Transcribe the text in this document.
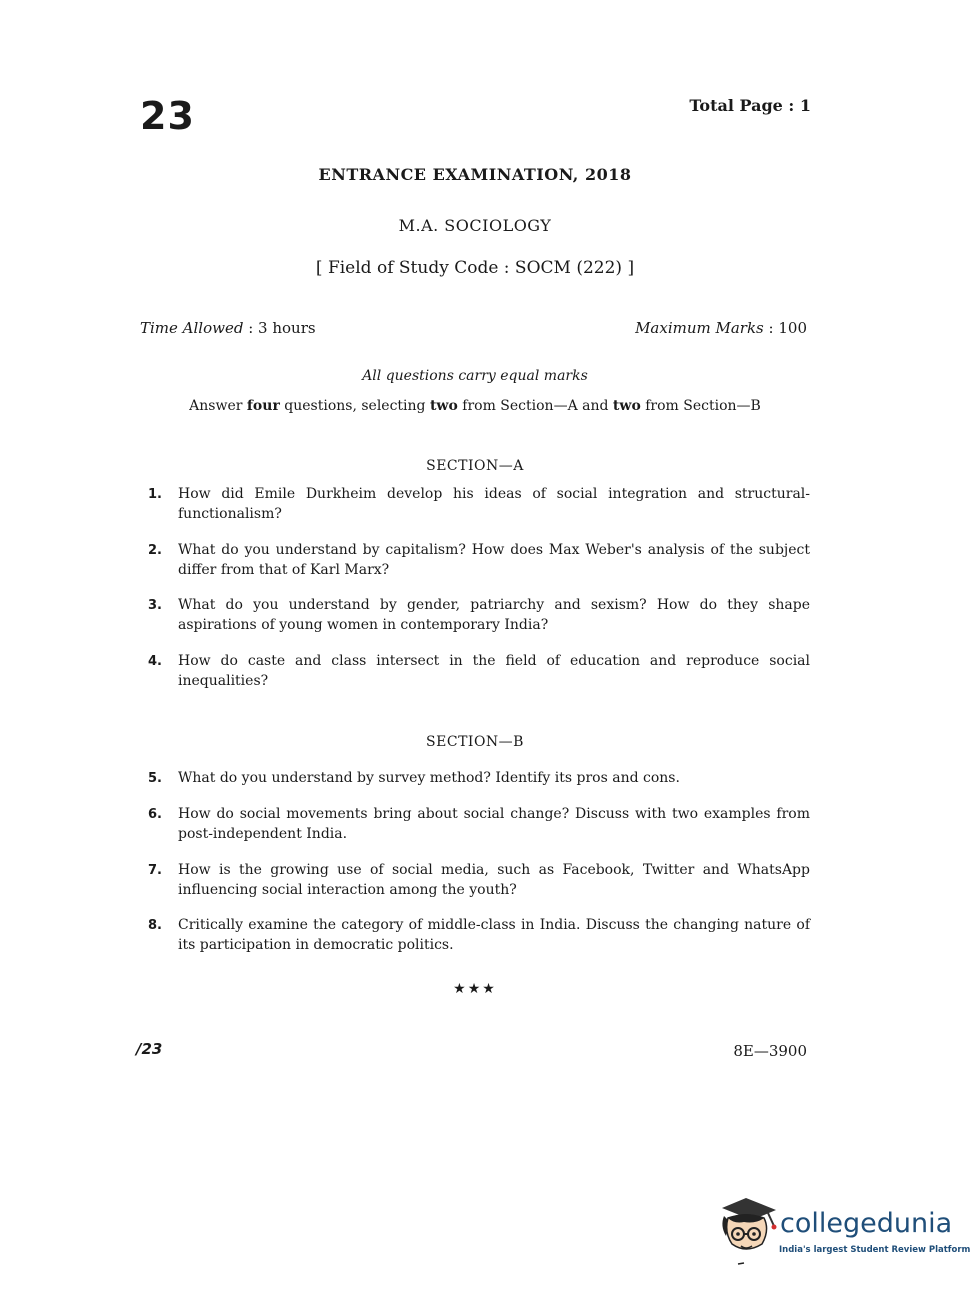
23	Total Page : 1
ENTRANCE EXAMINATION, 2018
M.A. SOCIOLOGY
[ Field of Study Code : SOCM (222) ]
Time Allowed : 3 hours	Maximum Marks : 100
All questions carry equal marks
Answer four questions, selecting two from Section—A and two from Section—B
SECTION—A
1. How did Emile Durkheim develop his ideas of social integration and structural-functionalism?
2. What do you understand by capitalism? How does Max Weber's analysis of the subject differ from that of Karl Marx?
3. What do you understand by gender, patriarchy and sexism? How do they shape aspirations of young women in contemporary India?
4. How do caste and class intersect in the field of education and reproduce social inequalities?
SECTION—B
5. What do you understand by survey method? Identify its pros and cons.
6. How do social movements bring about social change? Discuss with two examples from post-independent India.
7. How is the growing use of social media, such as Facebook, Twitter and WhatsApp influencing social interaction among the youth?
8. Critically examine the category of middle-class in India. Discuss the changing nature of its participation in democratic politics.
★★★
/23	8E—3900
collegedunia
India's largest Student Review Platform
